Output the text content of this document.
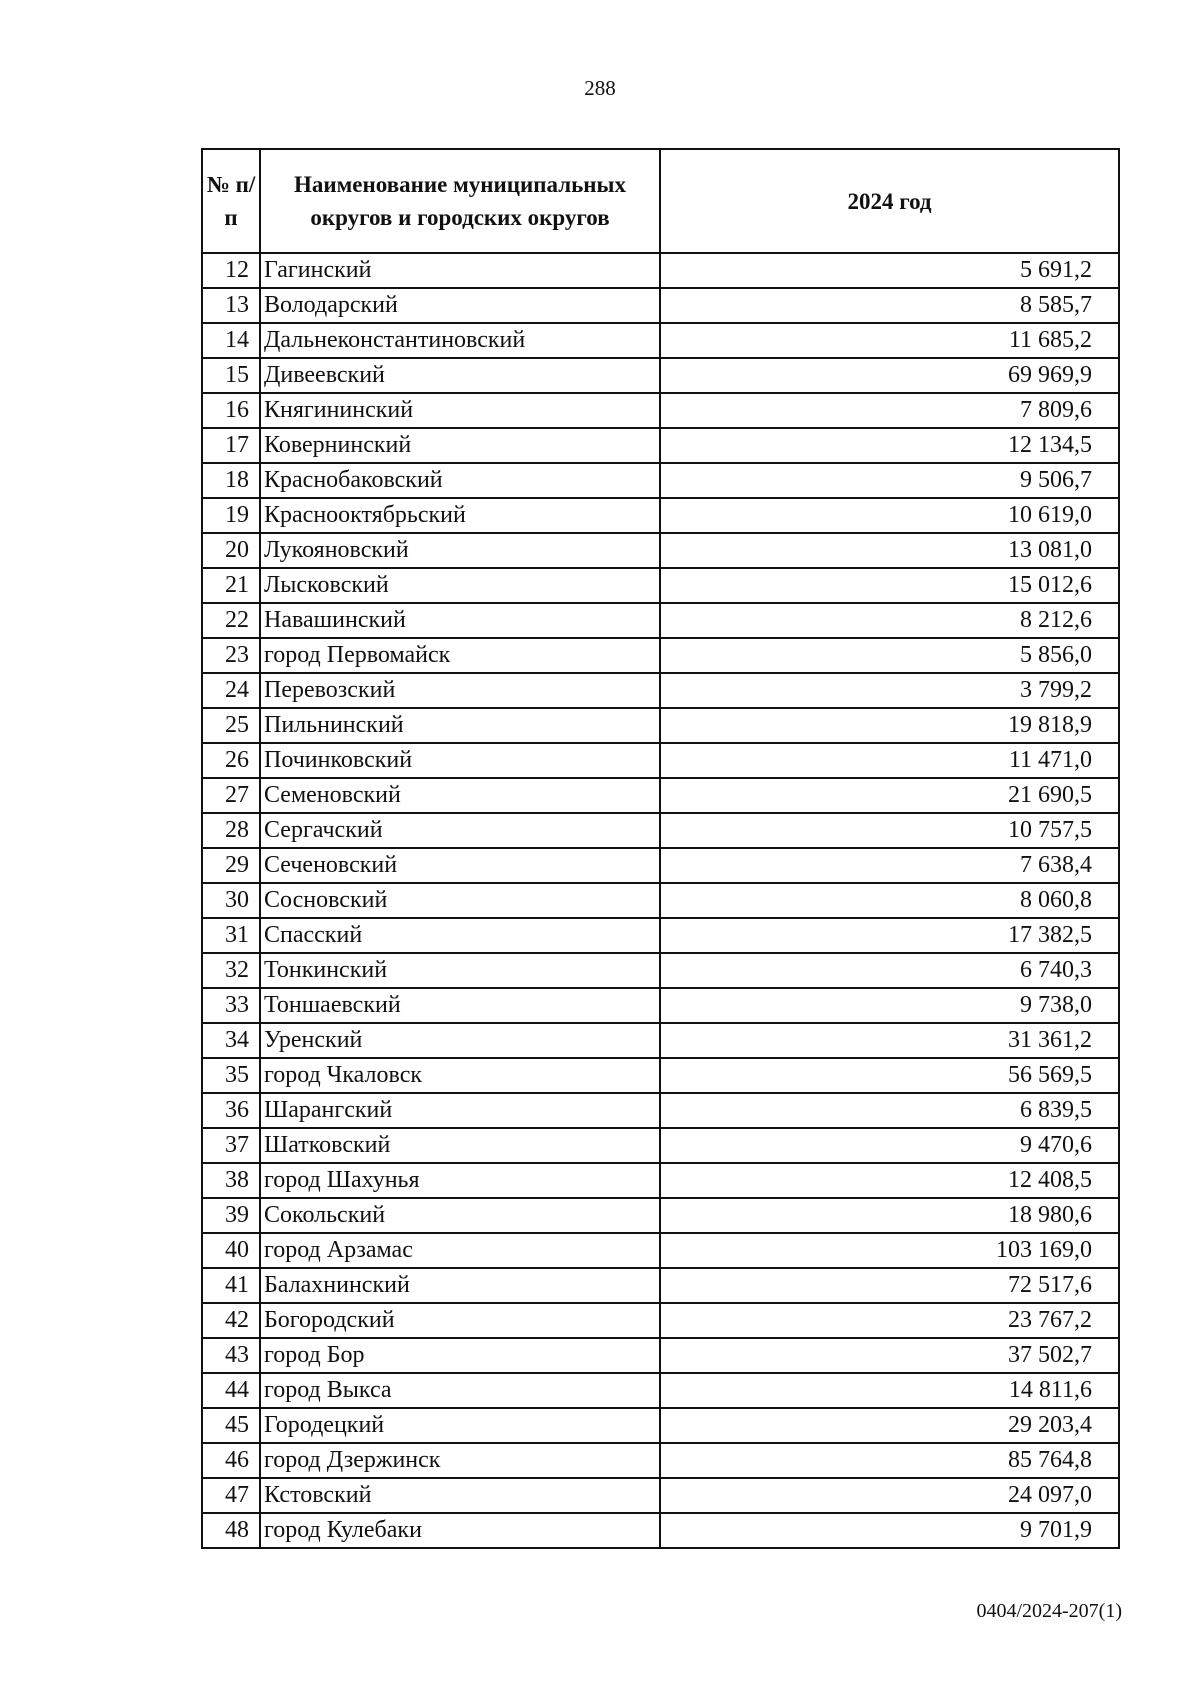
288
№ п/п	Наименование муниципальных округов и городских округов	2024 год
12	Гагинский	5 691,2
13	Володарский	8 585,7
14	Дальнеконстантиновский	11 685,2
15	Дивеевский	69 969,9
16	Княгининский	7 809,6
17	Ковернинский	12 134,5
18	Краснобаковский	9 506,7
19	Краснооктябрьский	10 619,0
20	Лукояновский	13 081,0
21	Лысковский	15 012,6
22	Навашинский	8 212,6
23	город Первомайск	5 856,0
24	Перевозский	3 799,2
25	Пильнинский	19 818,9
26	Починковский	11 471,0
27	Семеновский	21 690,5
28	Сергачский	10 757,5
29	Сеченовский	7 638,4
30	Сосновский	8 060,8
31	Спасский	17 382,5
32	Тонкинский	6 740,3
33	Тоншаевский	9 738,0
34	Уренский	31 361,2
35	город Чкаловск	56 569,5
36	Шарангский	6 839,5
37	Шатковский	9 470,6
38	город Шахунья	12 408,5
39	Сокольский	18 980,6
40	город Арзамас	103 169,0
41	Балахнинский	72 517,6
42	Богородский	23 767,2
43	город Бор	37 502,7
44	город Выкса	14 811,6
45	Городецкий	29 203,4
46	город Дзержинск	85 764,8
47	Кстовский	24 097,0
48	город Кулебаки	9 701,9
0404/2024-207(1)
